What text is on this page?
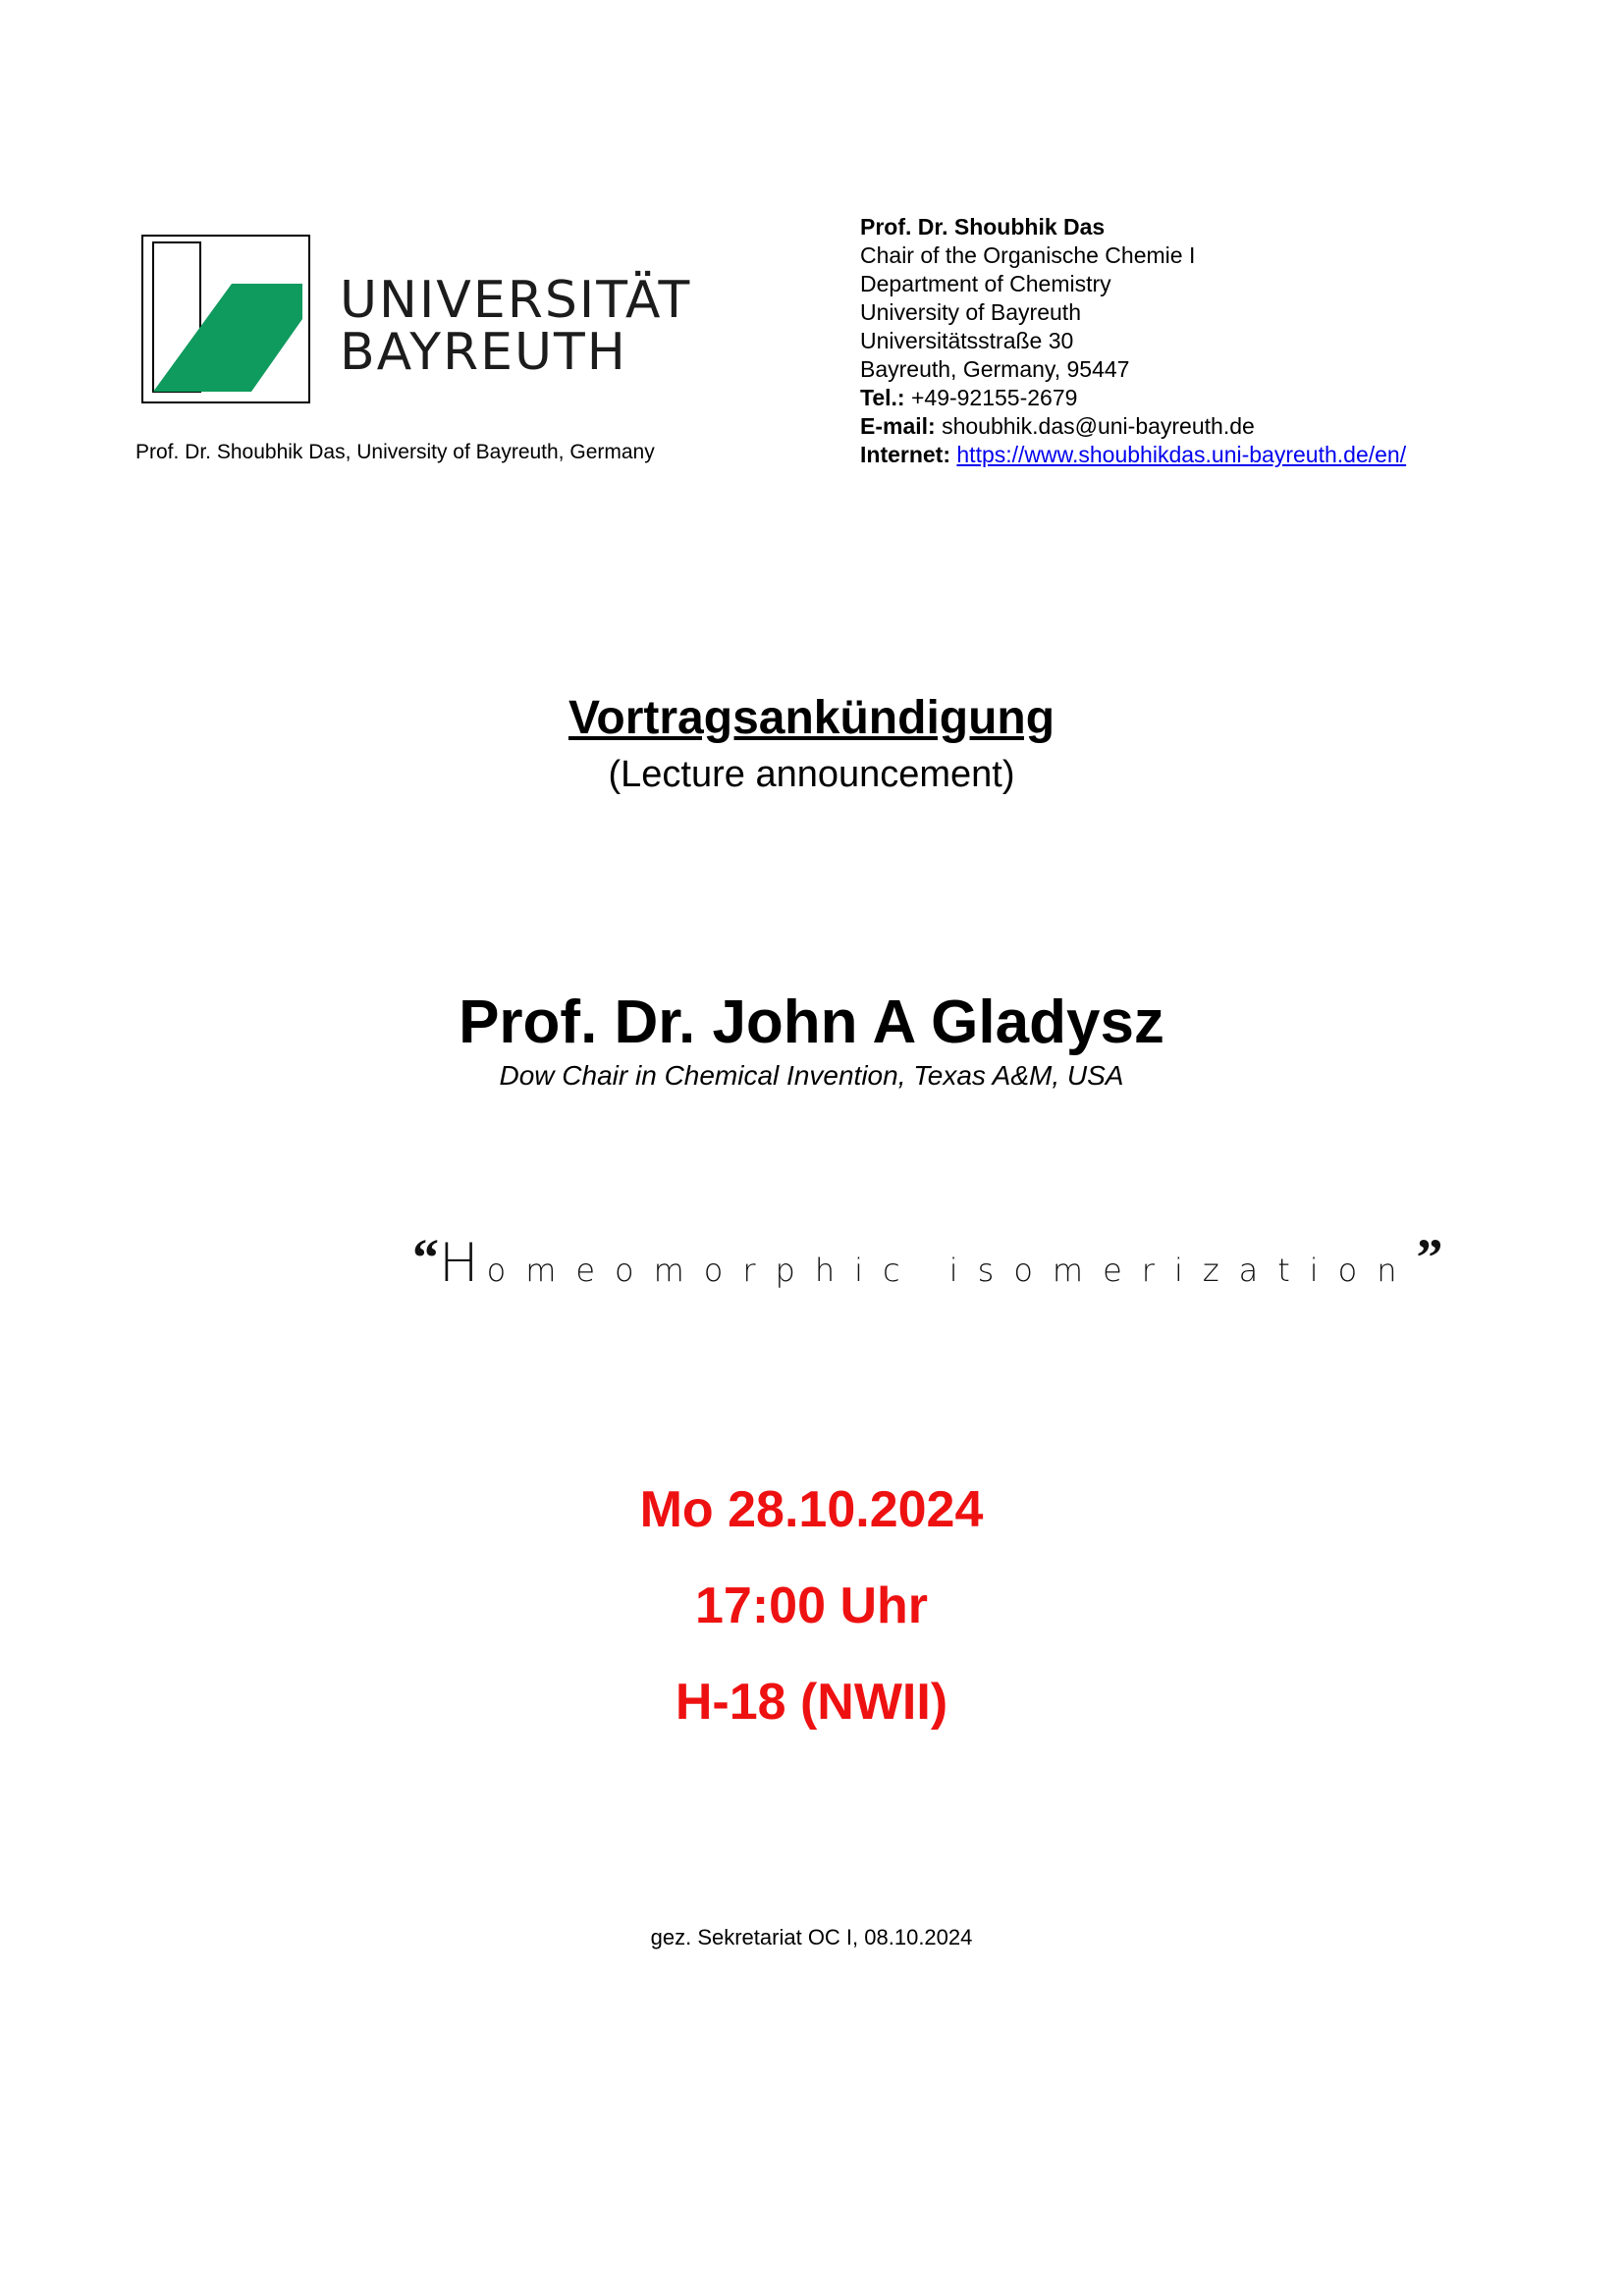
UNIVERSITÄT
BAYREUTH
Prof. Dr. Shoubhik Das, University of Bayreuth, Germany
Prof. Dr. Shoubhik Das
Chair of the Organische Chemie I
Department of Chemistry
University of Bayreuth
Universitätsstraße 30
Bayreuth, Germany, 95447
Tel.: +49-92155-2679
E-mail: shoubhik.das@uni-bayreuth.de
Internet: https://www.shoubhikdas.uni-bayreuth.de/en/
Vortragsankündigung
(Lecture announcement)
Prof. Dr. John A Gladysz
Dow Chair in Chemical Invention, Texas A&M, USA
“Homeomorphic isomerization”
Mo 28.10.2024
17:00 Uhr
H-18 (NWII)
gez. Sekretariat OC I, 08.10.2024
